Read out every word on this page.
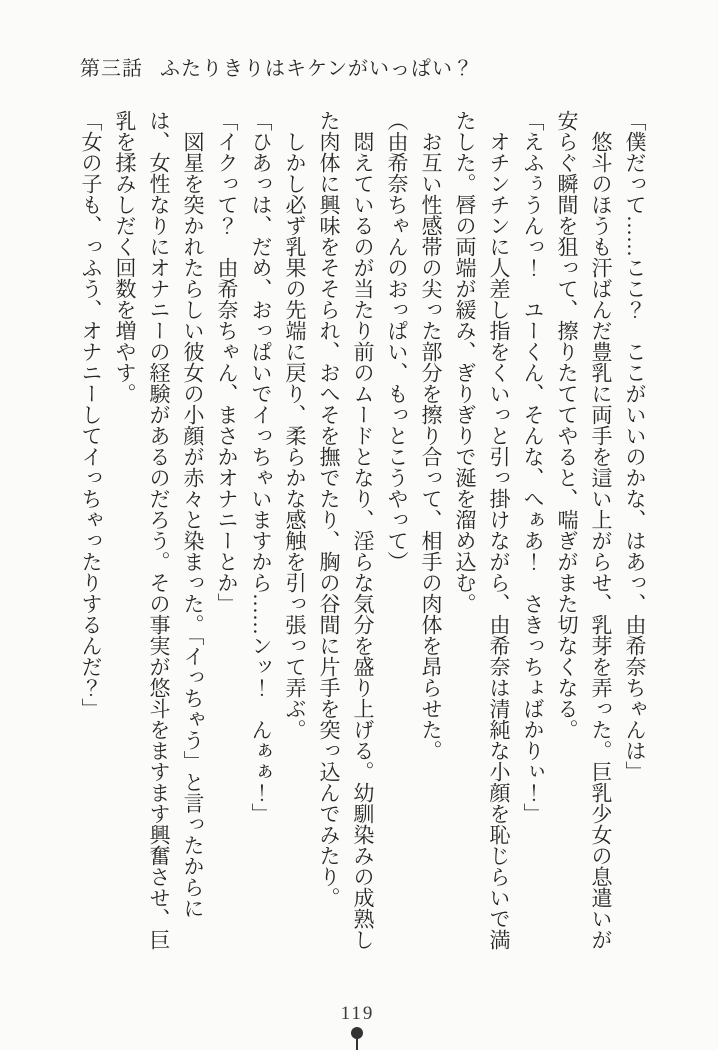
第三話 ふたりきりはキケンがいっぱい？

「僕だって……ここ？　ここがいいのかな、はあっ、由希奈ちゃんは」

悠斗のほうも汗ばんだ豊乳に両手を這い上がらせ、乳芽を弄った。巨乳少女の息遣いが安らぐ瞬間を狙って、擦りたててやると、喘ぎがまた切なくなる。

「えふぅうんっ！　ユーくん、そんな、へぁあ！　さきっちょばかりぃ！」

オチンチンに人差し指をくいっと引っ掛けながら、由希奈は清純な小顔を恥じらいで満たした。唇の両端が緩み、ぎりぎりで涎を溜め込む。

お互い性感帯の尖った部分を擦り合って、相手の肉体を昂らせた。

（由希奈ちゃんのおっぱい、もっとこうやって）

悶えているのが当たり前のムードとなり、淫らな気分を盛り上げる。幼馴染みの成熟した肉体に興味をそそられ、おへそを撫でたり、胸の谷間に片手を突っ込んでみたり。

しかし必ず乳果の先端に戻り、柔らかな感触を引っ張って弄ぶ。

「ひあっは、だめ、おっぱいでイっちゃいますから……ンッ！　んぁぁ！」

「イクって？　由希奈ちゃん、まさかオナニーとか」

図星を突かれたらしい彼女の小顔が赤々と染まった。「イっちゃう」と言ったからには、女性なりにオナニーの経験があるのだろう。その事実が悠斗をますます興奮させ、巨乳を揉みしだく回数を増やす。

「女の子も、っふう、オナニーしてイっちゃったりするんだ？」

119
